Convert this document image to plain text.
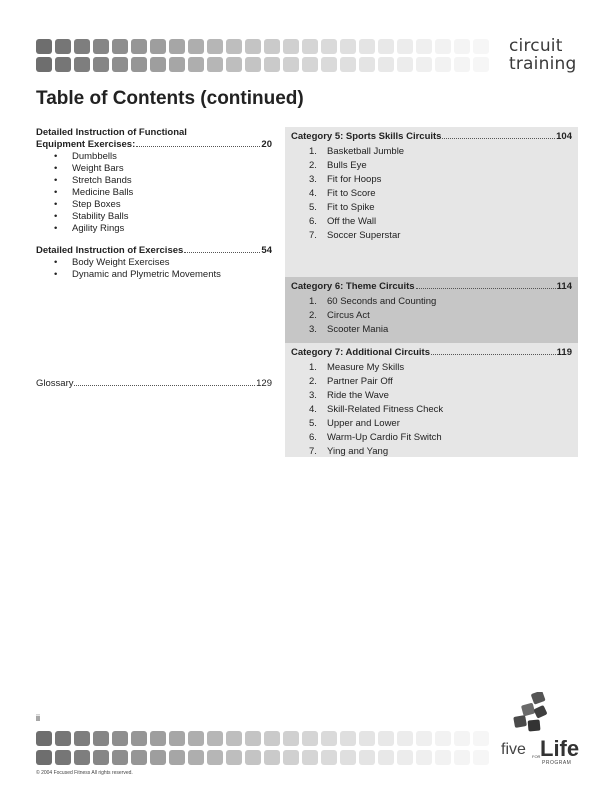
circuit
training
Table of Contents (continued)
Detailed Instruction of Functional
Equipment Exercises:	20
• Dumbbells
• Weight Bars
• Stretch Bands
• Medicine Balls
• Step Boxes
• Stability Balls
• Agility Rings
Detailed Instruction of Exercises	54
• Body Weight Exercises
• Dynamic and Plymetric Movements
Glossary	129
Category 5: Sports Skills Circuits	104
1. Basketball Jumble
2. Bulls Eye
3. Fit for Hoops
4. Fit to Score
5. Fit to Spike
6. Off the Wall
7. Soccer Superstar
Category 6: Theme Circuits	114
1. 60 Seconds and Counting
2. Circus Act
3. Scooter Mania
Category 7: Additional Circuits	119
1. Measure My Skills
2. Partner Pair Off
3. Ride the Wave
4. Skill-Related Fitness Check
5. Upper and Lower
6. Warm-Up Cardio Fit Switch
7. Ying and Yang
ii
© 2004 Focused Fitness All rights reserved.
five FOR Life
PROGRAM
